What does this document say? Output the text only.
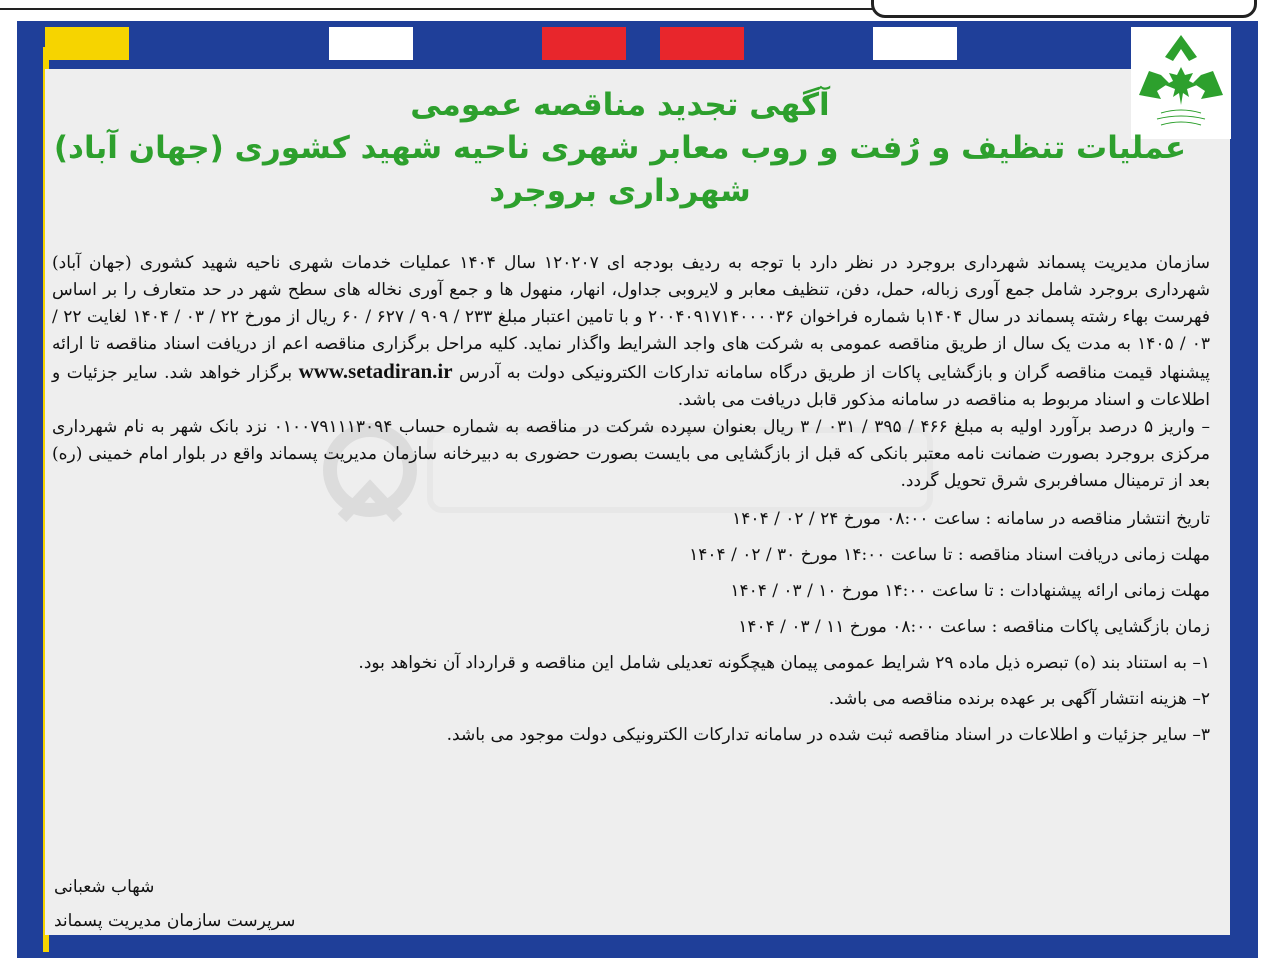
آگهی تجدید مناقصه عمومی
عملیات تنظیف و رُفت و روب معابر شهری ناحیه شهید کشوری (جهان آباد)
شهرداری بروجرد

سازمان مدیریت پسماند شهرداری بروجرد در نظر دارد با توجه به ردیف بودجه ای ۱۲۰۲۰۷ سال ۱۴۰۴ عملیات خدمات شهری ناحیه شهید کشوری (جهان آباد) شهرداری بروجرد شامل جمع آوری زباله، حمل، دفن، تنظیف معابر و لایروبی جداول، انهار، منهول ها و جمع آوری نخاله های سطح شهر در حد متعارف را بر اساس فهرست بهاء رشته پسماند در سال ۱۴۰۴با شماره فراخوان ۲۰۰۴۰۹۱۷۱۴۰۰۰۰۳۶ و با تامین اعتبار مبلغ ۲۳۳ / ۹۰۹ / ۶۲۷ / ۶۰ ریال از مورخ ۲۲ / ۰۳ / ۱۴۰۴ لغایت ۲۲ / ۰۳ / ۱۴۰۵ به مدت یک سال از طریق مناقصه عمومی به شرکت های واجد الشرایط واگذار نماید. کلیه مراحل برگزاری مناقصه اعم از دریافت اسناد مناقصه تا ارائه پیشنهاد قیمت مناقصه گران و بازگشایی پاکات از طریق درگاه سامانه تدارکات الکترونیکی دولت به آدرس www.setadiran.ir برگزار خواهد شد. سایر جزئیات و اطلاعات و اسناد مربوط به مناقصه در سامانه مذکور قابل دریافت می باشد.

– واریز ۵ درصد برآورد اولیه به مبلغ ۴۶۶ / ۳۹۵ / ۰۳۱ / ۳ ریال بعنوان سپرده شرکت در مناقصه به شماره حساب ۰۱۰۰۷۹۱۱۱۳۰۹۴ نزد بانک شهر به نام شهرداری مرکزی بروجرد بصورت ضمانت نامه معتبر بانکی که قبل از بازگشایی می بایست بصورت حضوری به دبیرخانه سازمان مدیریت پسماند واقع در بلوار امام خمینی (ره) بعد از ترمینال مسافربری شرق تحویل گردد.

تاریخ انتشار مناقصه در سامانه : ساعت ۰۸:۰۰ مورخ ۲۴ / ۰۲ / ۱۴۰۴
مهلت زمانی دریافت اسناد مناقصه : تا ساعت ۱۴:۰۰ مورخ ۳۰ / ۰۲ / ۱۴۰۴
مهلت زمانی ارائه پیشنهادات : تا ساعت ۱۴:۰۰ مورخ ۱۰ / ۰۳ / ۱۴۰۴
زمان بازگشایی پاکات مناقصه : ساعت ۰۸:۰۰ مورخ ۱۱ / ۰۳ / ۱۴۰۴
۱– به استناد بند (ه) تبصره ذیل ماده ۲۹ شرایط عمومی پیمان هیچگونه تعدیلی شامل این مناقصه و قرارداد آن نخواهد بود.
۲– هزینه انتشار آگهی بر عهده برنده مناقصه می باشد.
۳– سایر جزئیات و اطلاعات در اسناد مناقصه ثبت شده در سامانه تدارکات الکترونیکی دولت موجود می باشد.
شهاب شعبانی
سرپرست سازمان مدیریت پسماند
